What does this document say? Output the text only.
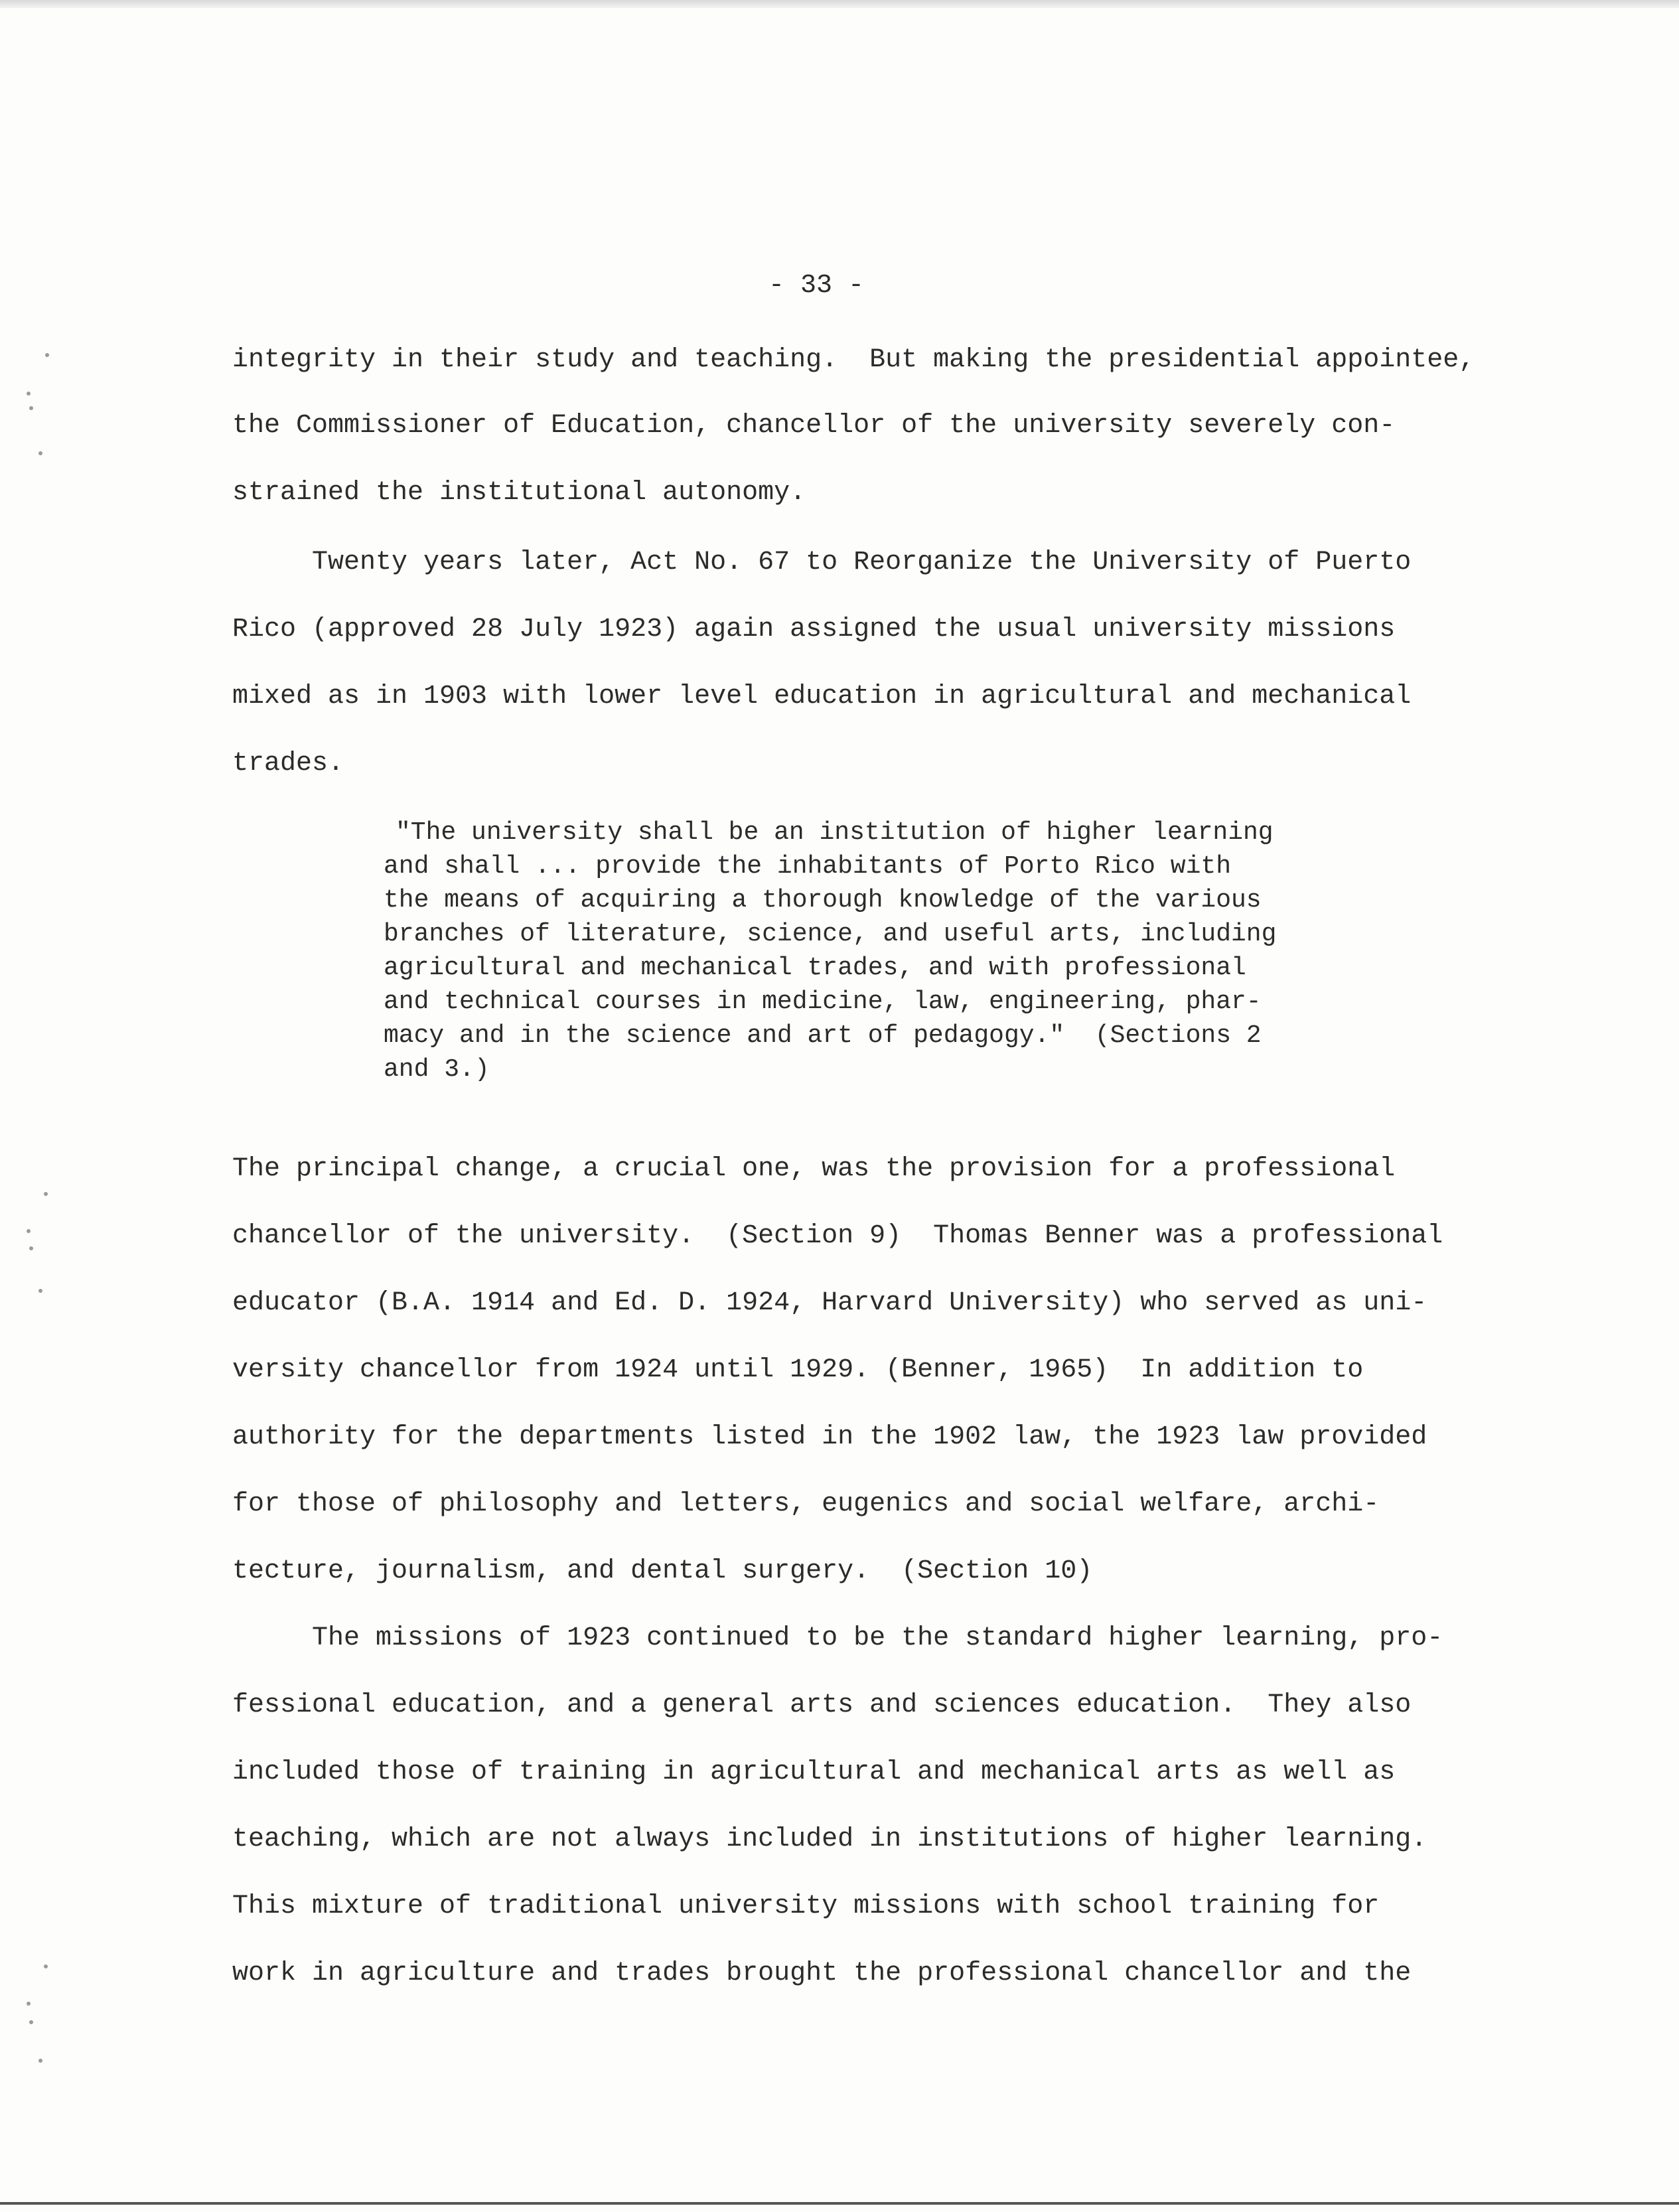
- 33 -
integrity in their study and teaching.  But making the presidential appointee,
the Commissioner of Education, chancellor of the university severely con-
strained the institutional autonomy.
Twenty years later, Act No. 67 to Reorganize the University of Puerto
Rico (approved 28 July 1923) again assigned the usual university missions
mixed as in 1903 with lower level education in agricultural and mechanical
trades.
"The university shall be an institution of higher learning
and shall ... provide the inhabitants of Porto Rico with
the means of acquiring a thorough knowledge of the various
branches of literature, science, and useful arts, including
agricultural and mechanical trades, and with professional
and technical courses in medicine, law, engineering, phar-
macy and in the science and art of pedagogy."  (Sections 2
and 3.)
The principal change, a crucial one, was the provision for a professional
chancellor of the university.  (Section 9)  Thomas Benner was a professional
educator (B.A. 1914 and Ed. D. 1924, Harvard University) who served as uni-
versity chancellor from 1924 until 1929. (Benner, 1965)  In addition to
authority for the departments listed in the 1902 law, the 1923 law provided
for those of philosophy and letters, eugenics and social welfare, archi-
tecture, journalism, and dental surgery.  (Section 10)
The missions of 1923 continued to be the standard higher learning, pro-
fessional education, and a general arts and sciences education.  They also
included those of training in agricultural and mechanical arts as well as
teaching, which are not always included in institutions of higher learning.
This mixture of traditional university missions with school training for
work in agriculture and trades brought the professional chancellor and the
